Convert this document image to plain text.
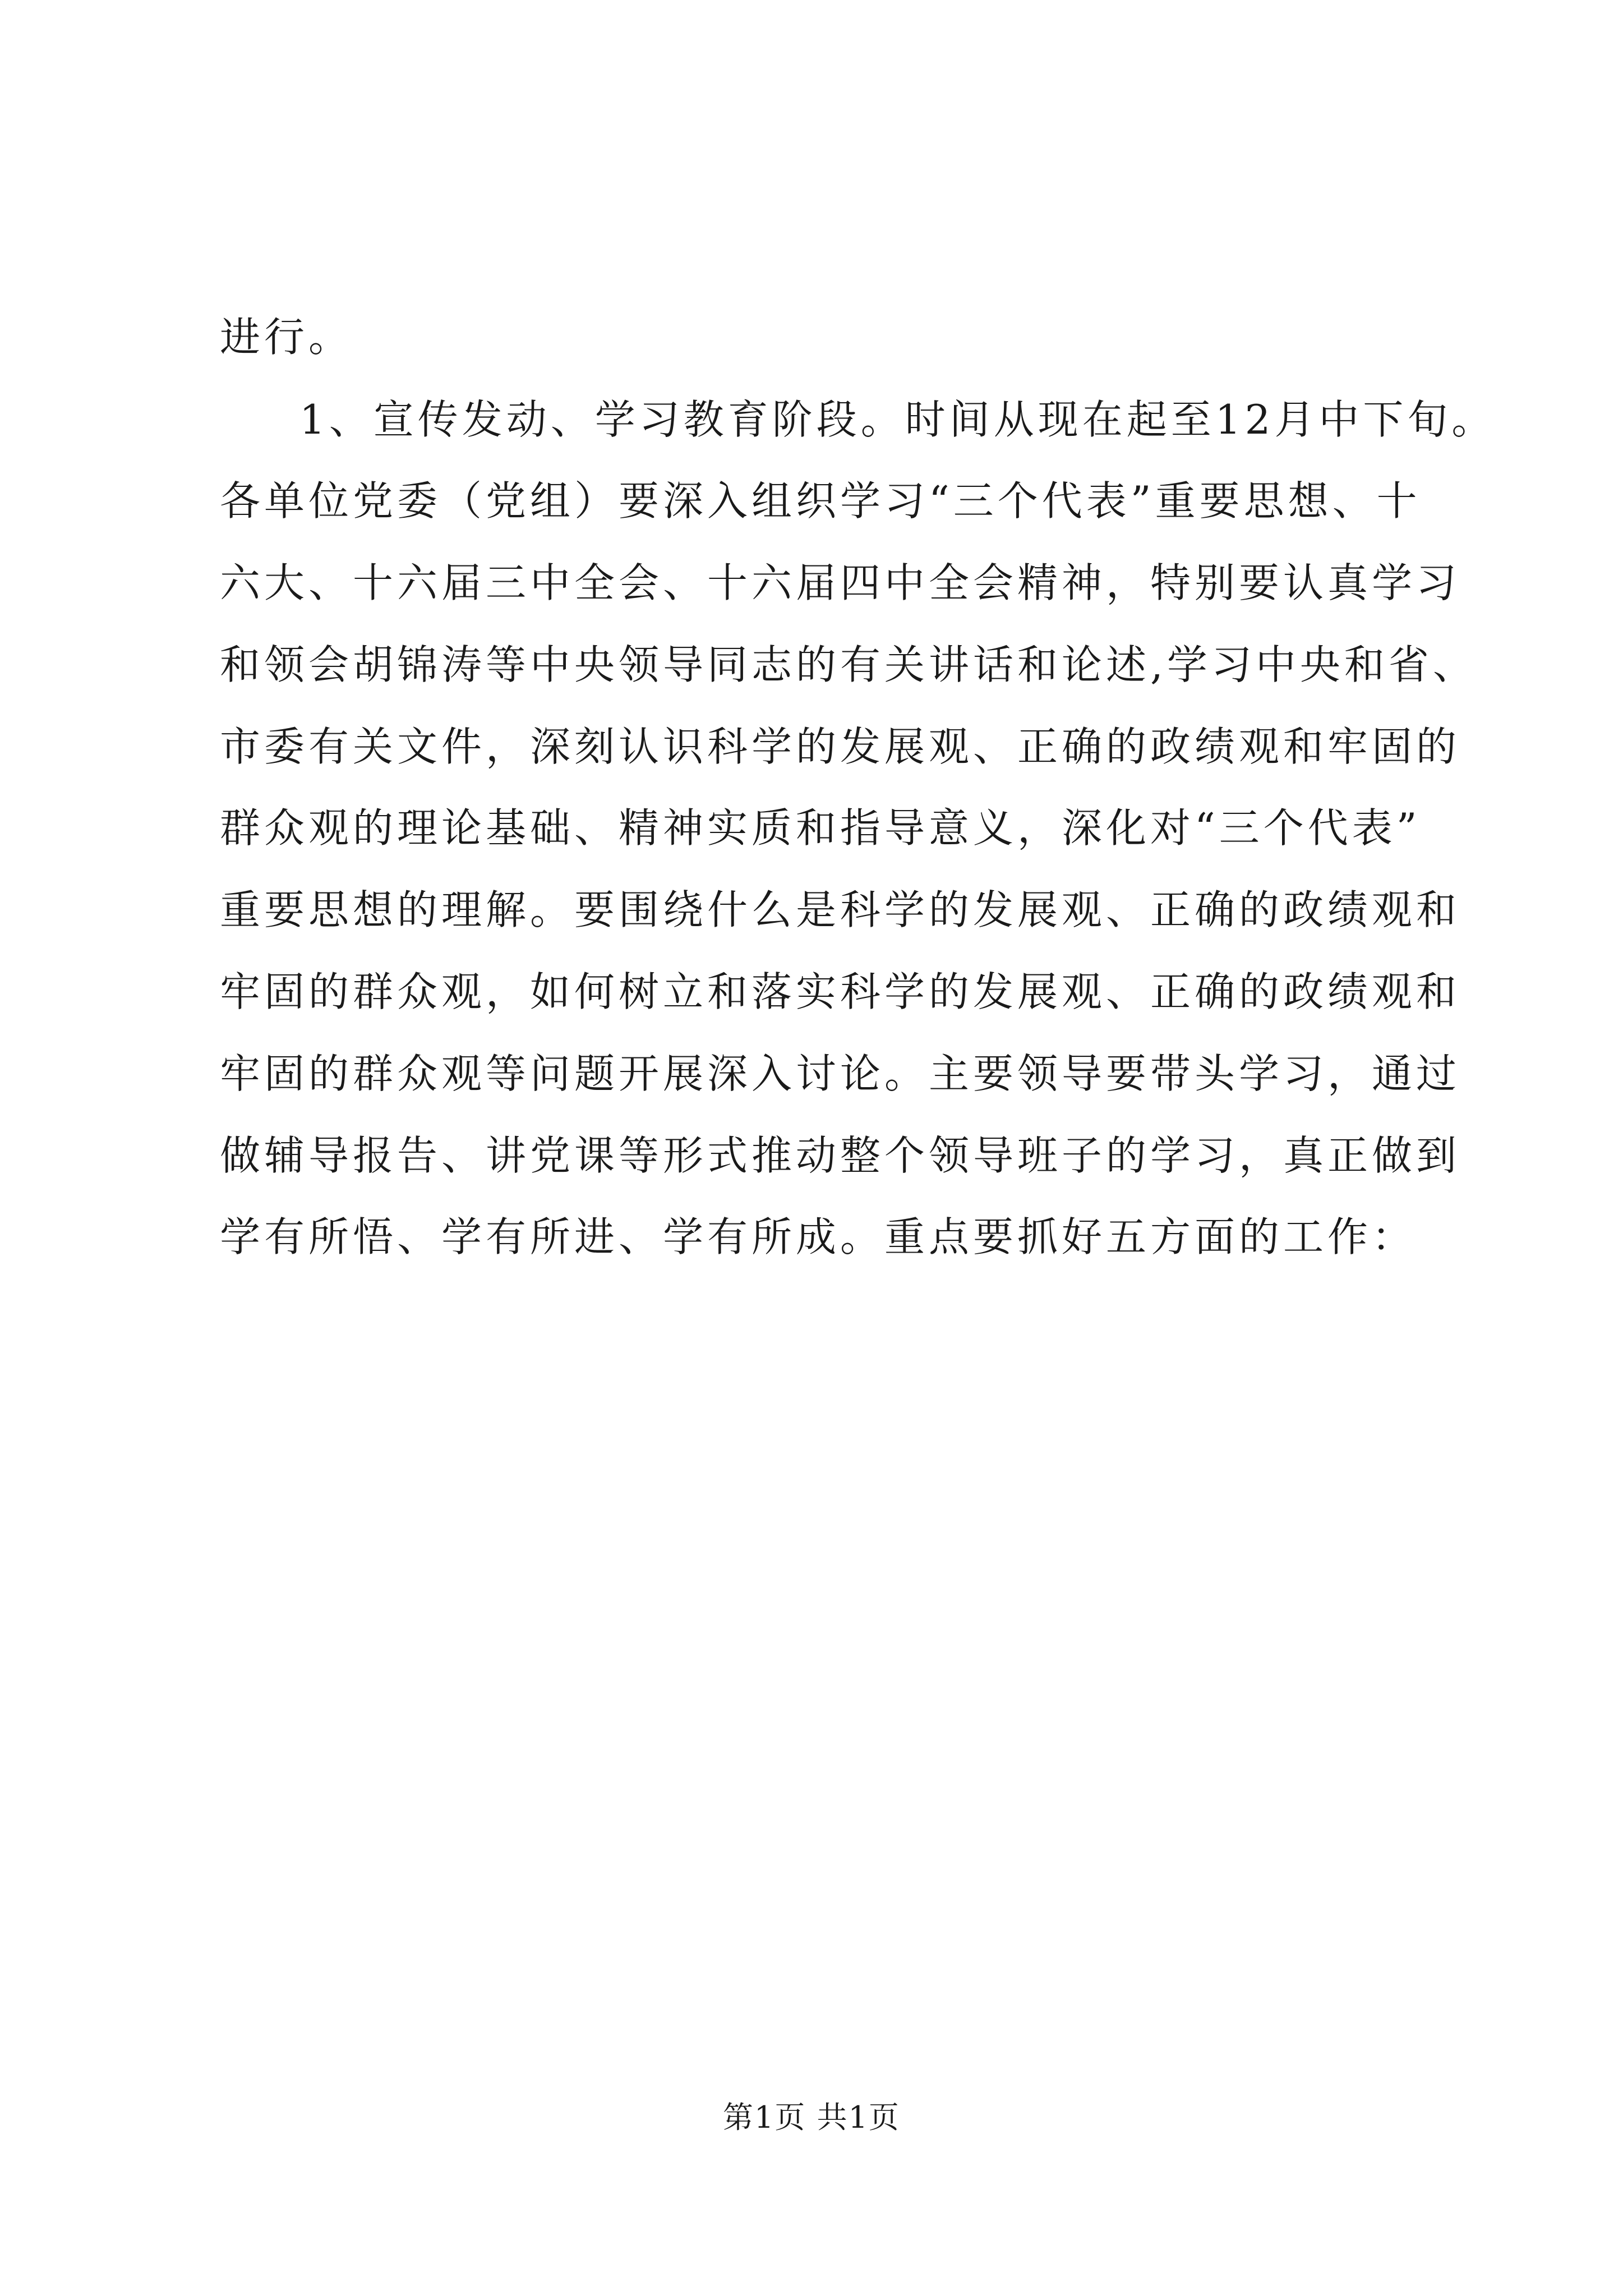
进行。
1、宣传发动、学习教育阶段。时间从现在起至12月中下旬。
各单位党委（党组）要深入组织学习“三个代表”重要思想、十
六大、十六届三中全会、十六届四中全会精神，特别要认真学习
和领会胡锦涛等中央领导同志的有关讲话和论述,学习中央和省、
市委有关文件，深刻认识科学的发展观、正确的政绩观和牢固的
群众观的理论基础、精神实质和指导意义，深化对“三个代表”
重要思想的理解。要围绕什么是科学的发展观、正确的政绩观和
牢固的群众观，如何树立和落实科学的发展观、正确的政绩观和
牢固的群众观等问题开展深入讨论。主要领导要带头学习，通过
做辅导报告、讲党课等形式推动整个领导班子的学习，真正做到
学有所悟、学有所进、学有所成。重点要抓好五方面的工作：
第1页 共1页
